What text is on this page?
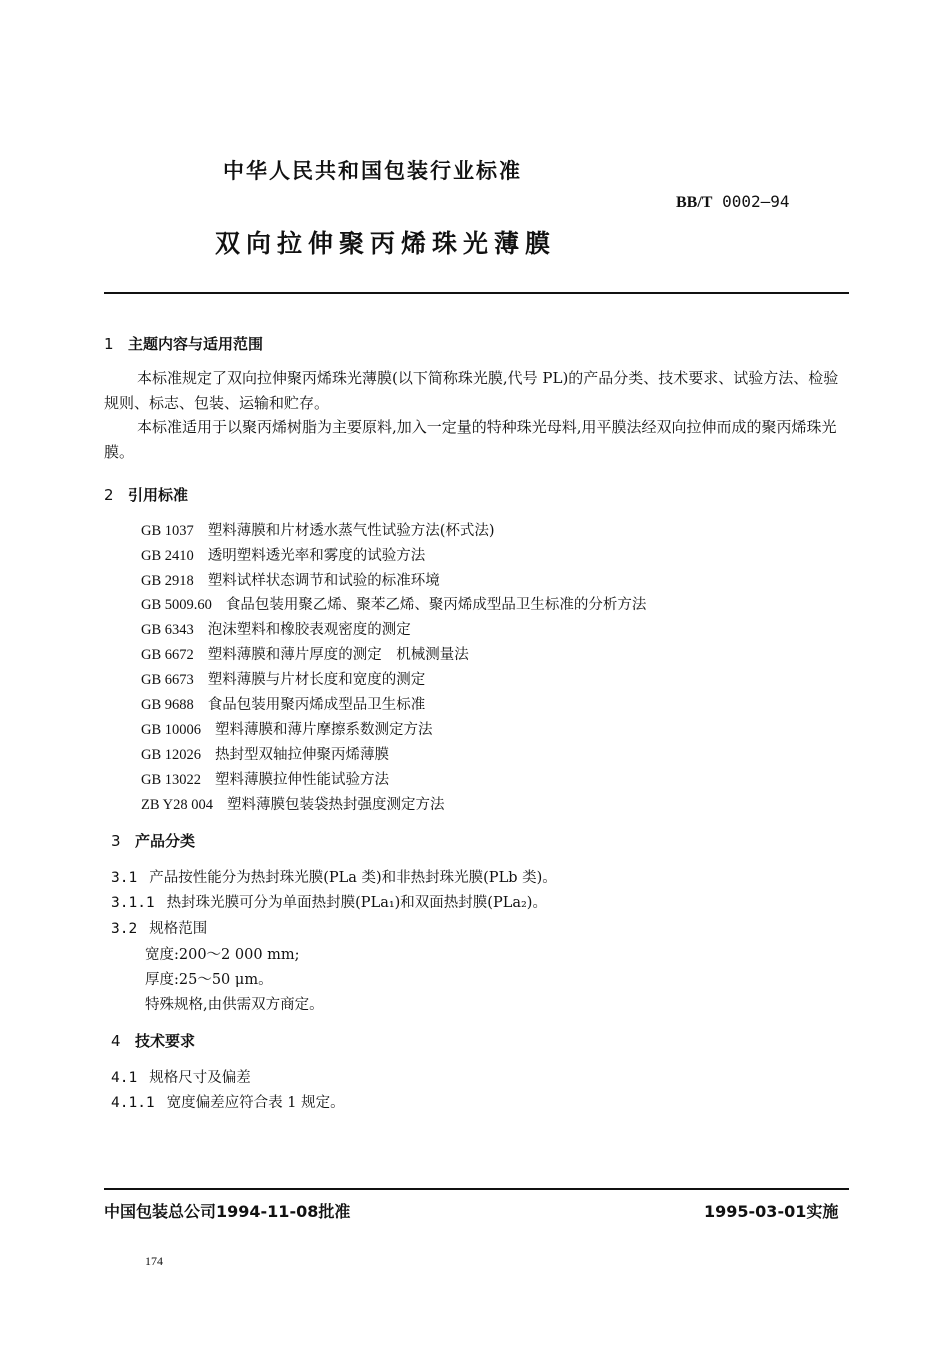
中华人民共和国包装行业标准
BB/T 0002—94
双向拉伸聚丙烯珠光薄膜
1 主题内容与适用范围
本标准规定了双向拉伸聚丙烯珠光薄膜(以下简称珠光膜,代号 PL)的产品分类、技术要求、试验方法、检验规则、标志、包装、运输和贮存。
本标准适用于以聚丙烯树脂为主要原料,加入一定量的特种珠光母料,用平膜法经双向拉伸而成的聚丙烯珠光膜。
2 引用标准
GB 1037 塑料薄膜和片材透水蒸气性试验方法(杯式法)
GB 2410 透明塑料透光率和雾度的试验方法
GB 2918 塑料试样状态调节和试验的标准环境
GB 5009.60 食品包装用聚乙烯、聚苯乙烯、聚丙烯成型品卫生标准的分析方法
GB 6343 泡沫塑料和橡胶表观密度的测定
GB 6672 塑料薄膜和薄片厚度的测定　机械测量法
GB 6673 塑料薄膜与片材长度和宽度的测定
GB 9688 食品包装用聚丙烯成型品卫生标准
GB 10006 塑料薄膜和薄片摩擦系数测定方法
GB 12026 热封型双轴拉伸聚丙烯薄膜
GB 13022 塑料薄膜拉伸性能试验方法
ZB Y28 004 塑料薄膜包装袋热封强度测定方法
3 产品分类
3.1 产品按性能分为热封珠光膜(PLa 类)和非热封珠光膜(PLb 类)。
3.1.1 热封珠光膜可分为单面热封膜(PLa₁)和双面热封膜(PLa₂)。
3.2 规格范围
宽度:200～2 000 mm;
厚度:25～50 μm。
特殊规格,由供需双方商定。
4 技术要求
4.1 规格尺寸及偏差
4.1.1 宽度偏差应符合表 1 规定。
中国包装总公司1994-11-08批准	1995-03-01实施
174
